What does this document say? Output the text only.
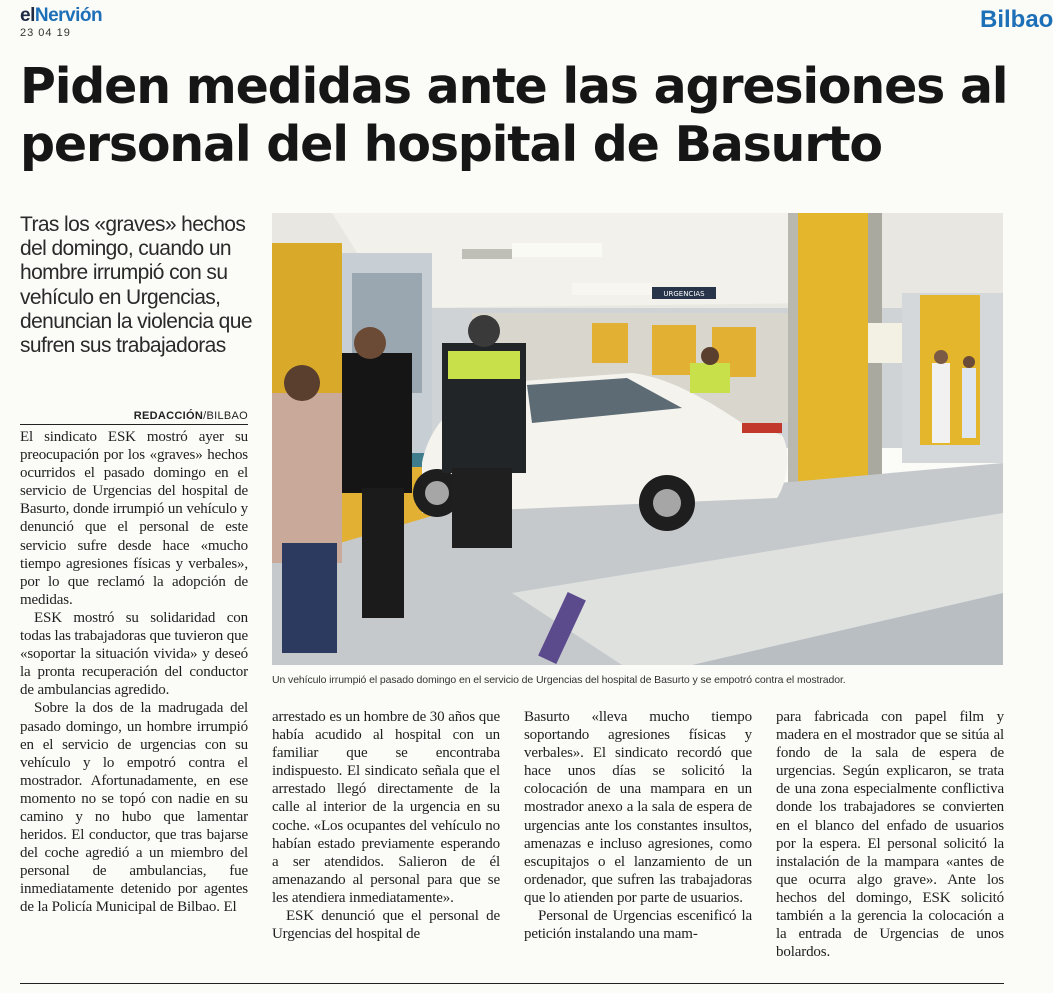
elNervión
23 04 19	Bilbao
Piden medidas ante las agresiones al personal del hospital de Basurto
Tras los «graves» hechos del domingo, cuando un hombre irrumpió con su vehículo en Urgencias, denuncian la violencia que sufren sus trabajadoras
REDACCIÓN/BILBAO
URGENCIAS
Un vehículo irrumpió el pasado domingo en el servicio de Urgencias del hospital de Basurto y se empotró contra el mostrador.

El sindicato ESK mostró ayer su preocupación por los «graves» hechos ocurridos el pasado domingo en el servicio de Urgencias del hospital de Basurto, donde irrumpió un vehículo y denunció que el personal de este servicio sufre desde hace «mucho tiempo agresiones físicas y verbales», por lo que reclamó la adopción de medidas.

ESK mostró su solidaridad con todas las trabajadoras que tuvieron que «soportar la situación vivida» y deseó la pronta recuperación del conductor de ambulancias agredido.

Sobre la dos de la madrugada del pasado domingo, un hombre irrumpió en el servicio de urgencias con su vehículo y lo empotró contra el mostrador. Afortunadamente, en ese momento no se topó con nadie en su camino y no hubo que lamentar heridos. El conductor, que tras bajarse del coche agredió a un miembro del personal de ambulancias, fue inmediatamente detenido por agentes de la Policía Municipal de Bilbao. El

arrestado es un hombre de 30 años que había acudido al hospital con un familiar que se encontraba indispuesto. El sindicato señala que el arrestado llegó directamente de la calle al interior de la urgencia en su coche. «Los ocupantes del vehículo no habían estado previamente esperando a ser atendidos. Salieron de él amenazando al personal para que se les atendiera inmediatamente».

ESK denunció que el personal de Urgencias del hospital de

Basurto «lleva mucho tiempo soportando agresiones físicas y verbales». El sindicato recordó que hace unos días se solicitó la colocación de una mampara en un mostrador anexo a la sala de espera de urgencias ante los constantes insultos, amenazas e incluso agresiones, como escupitajos o el lanzamiento de un ordenador, que sufren las trabajadoras que lo atienden por parte de usuarios.

Personal de Urgencias escenificó la petición instalando una mam-

para fabricada con papel film y madera en el mostrador que se sitúa al fondo de la sala de espera de urgencias. Según explicaron, se trata de una zona especialmente conflictiva donde los trabajadores se convierten en el blanco del enfado de usuarios por la espera. El personal solicitó la instalación de la mampara «antes de que ocurra algo grave». Ante los hechos del domingo, ESK solicitó también a la gerencia la colocación a la entrada de Urgencias de unos bolardos.
